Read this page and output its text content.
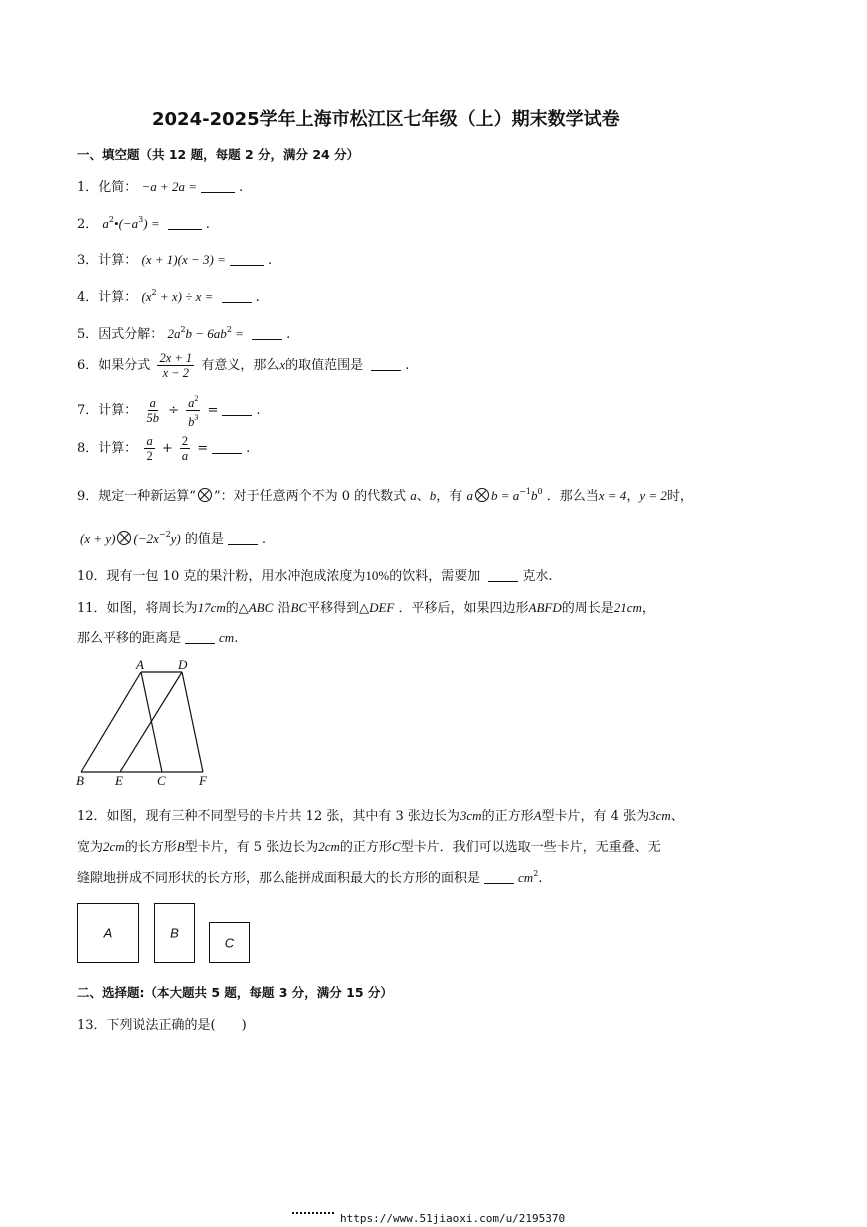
2024-2025学年上海市松江区七年级（上）期末数学试卷
一、填空题（共 12 题，每题 2 分，满分 24 分）
1．化简： −a + 2a =	.
2． $a^2•(-a^3)$ =	.
3．计算： (x + 1)(x − 3) =	.
4．计算： $(x^2 + x) \div x$ =	.
5．因式分解： $2a^2b - 6ab^2$ =	.
6．如果分式 $\frac{2x + 1}{x - 2}$ 有意义，那么x的取值范围是	.
7．计算： $\frac{a}{5b} \div \frac{a^2}{b^3}$ =	.
8．计算： $\frac{a}{2} + \frac{2}{a}$ =	.
9．规定一种新运算“ ”：对于任意两个不为 0 的代数式 a、b，有 a $b = a^{-1}b^0$ ．那么当x = 4，y = 2时，
(x + y) $(-2x^{-2}y)$ 的值是	.
10．现有一包 10 克的果汁粉，用水冲泡成浓度为10%的饮料，需要加	克水.
11．如图，将周长为17cm的△ABC 沿BC平移得到△DEF ．平移后，如果四边形ABFD的周长是21cm，
那么平移的距离是	cm.
A	D
B E	C	F
12．如图，现有三种不同型号的卡片共 12 张，其中有 3 张边长为3cm的正方形A型卡片，有 4 张为3cm、
宽为2cm的长方形B型卡片，有 5 张边长为2cm的正方形C型卡片．我们可以选取一些卡片，无重叠、无
缝隙地拼成不同形状的长方形，那么能拼成面积最大的长方形的面积是	$cm^2$.
A	B
C
二、选择题:（本大题共 5 题，每题 3 分，满分 15 分）
13．下列说法正确的是(　　)
https://www.51jiaoxi.com/u/2195370
